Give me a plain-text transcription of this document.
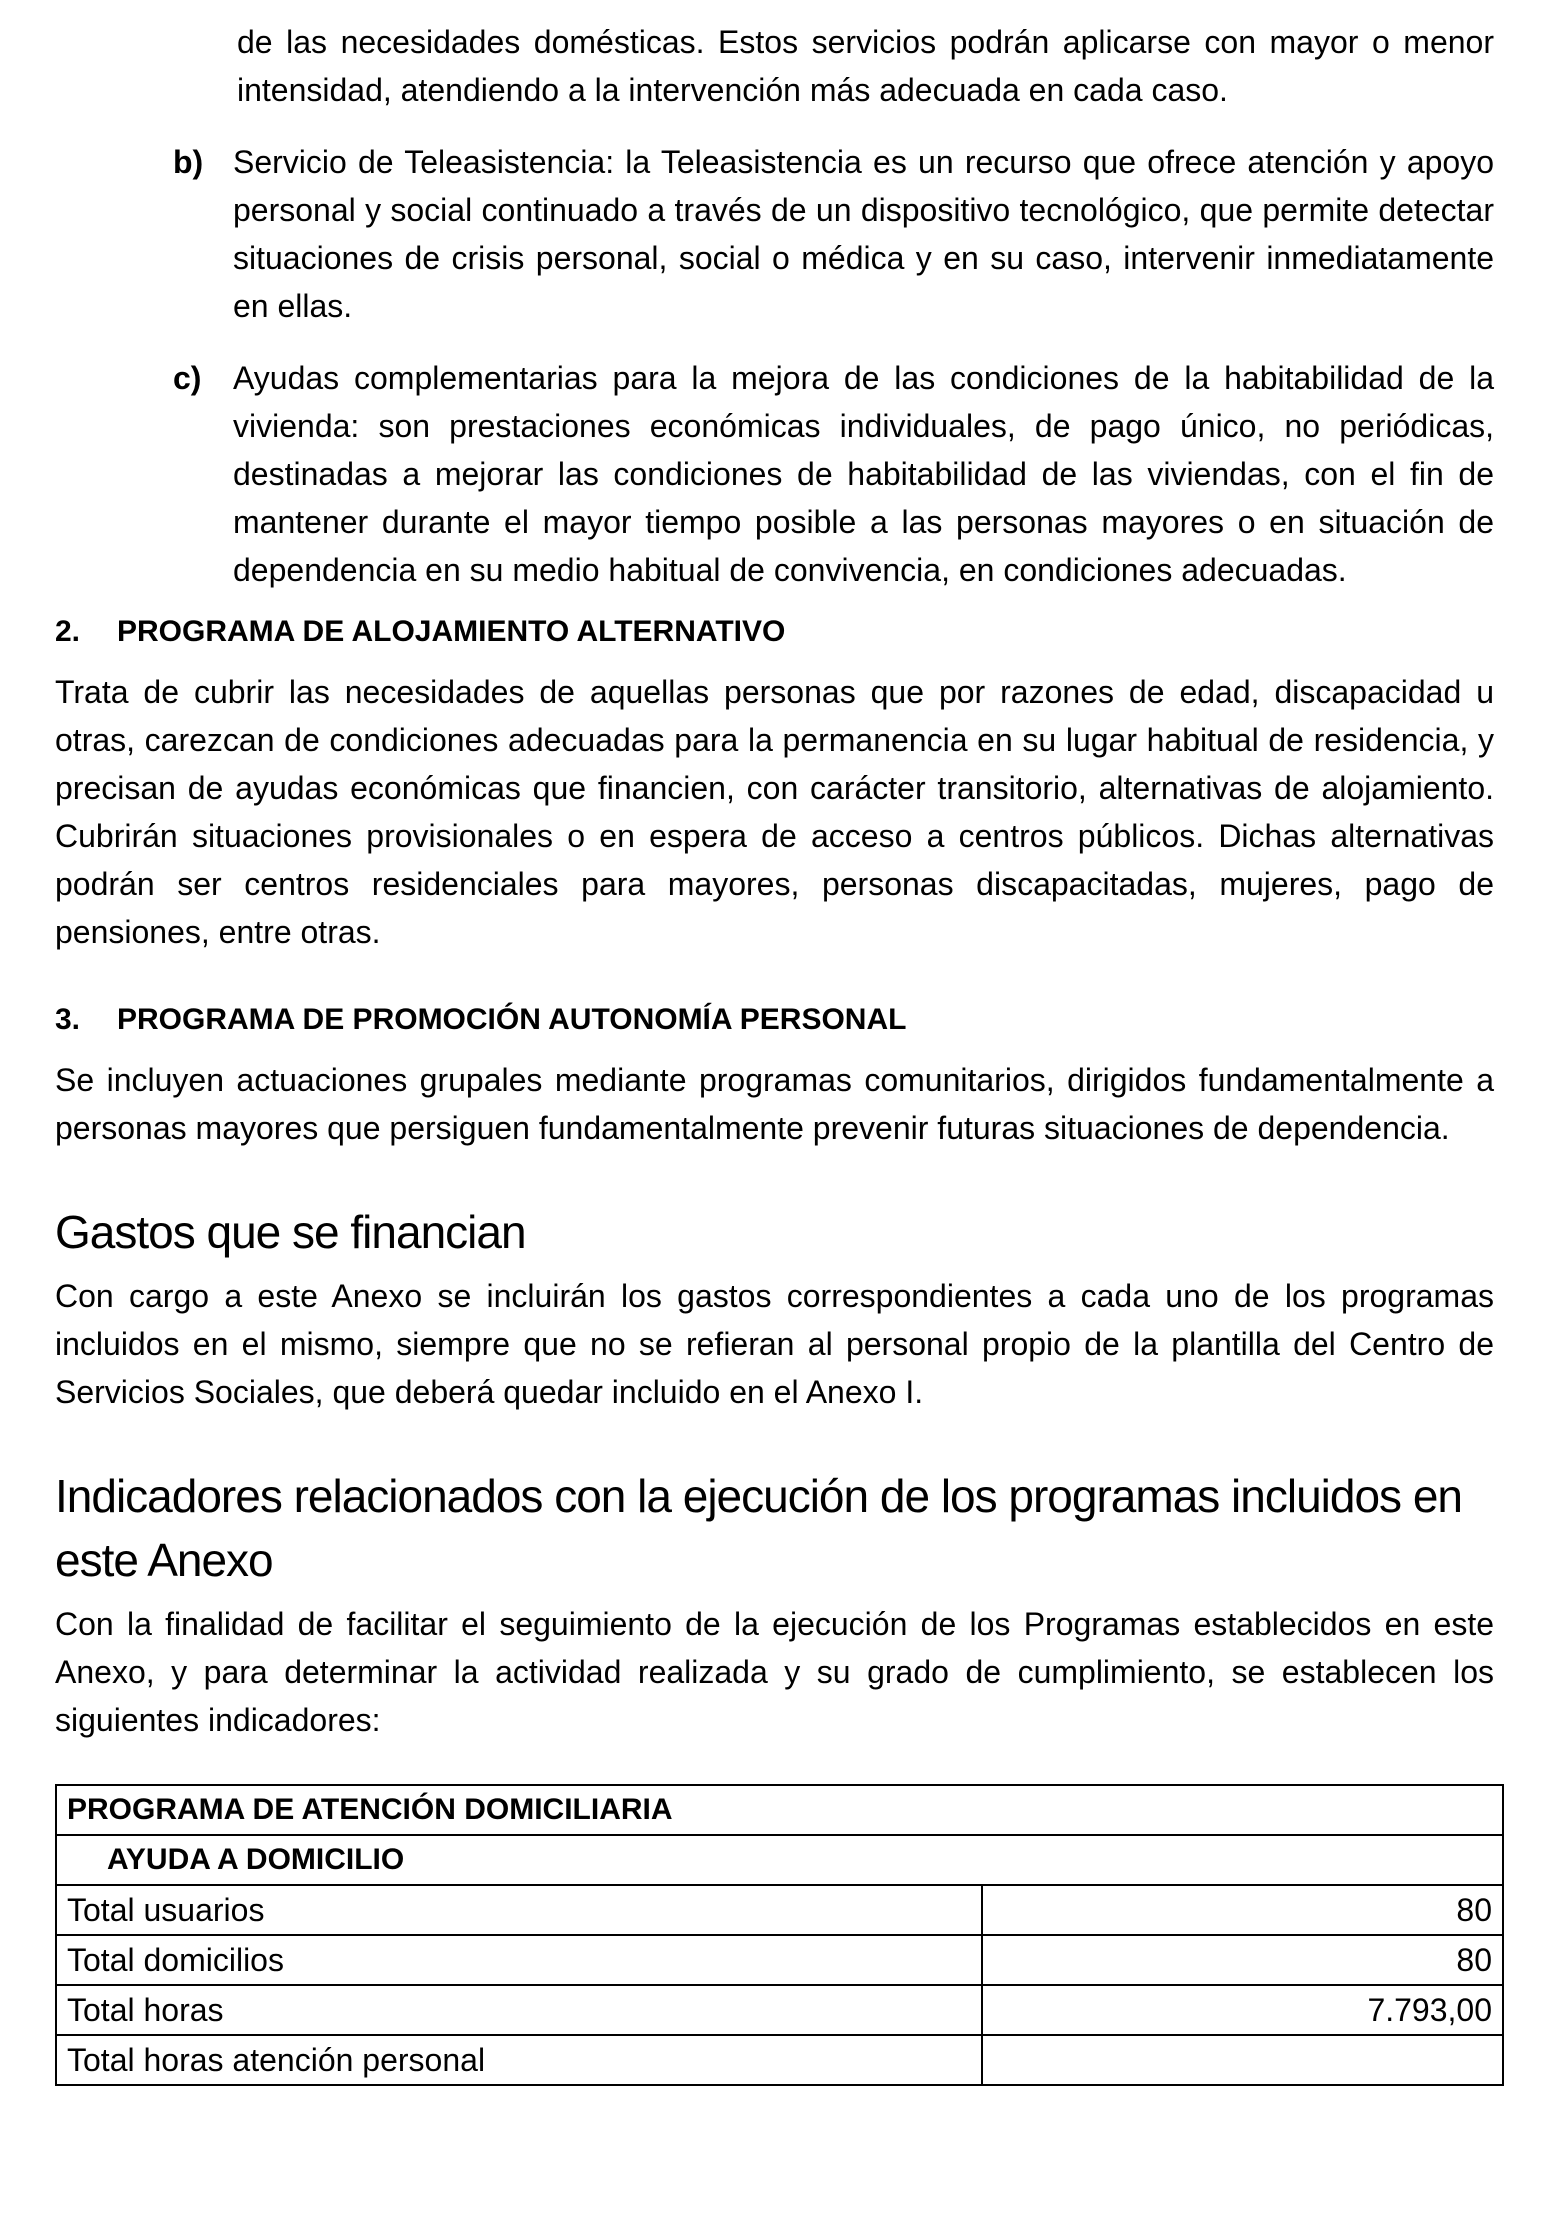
de las necesidades domésticas. Estos servicios podrán aplicarse con mayor o menor intensidad, atendiendo a la intervención más adecuada en cada caso.

b) Servicio de Teleasistencia: la Teleasistencia es un recurso que ofrece atención y apoyo personal y social continuado a través de un dispositivo tecnológico, que permite detectar situaciones de crisis personal, social o médica y en su caso, intervenir inmediatamente en ellas.

c) Ayudas complementarias para la mejora de las condiciones de la habitabilidad de la vivienda: son prestaciones económicas individuales, de pago único, no periódicas, destinadas a mejorar las condiciones de habitabilidad de las viviendas, con el fin de mantener durante el mayor tiempo posible a las personas mayores o en situación de dependencia en su medio habitual de convivencia, en condiciones adecuadas.

2.	PROGRAMA DE ALOJAMIENTO ALTERNATIVO

Trata de cubrir las necesidades de aquellas personas que por razones de edad, discapacidad u otras, carezcan de condiciones adecuadas para la permanencia en su lugar habitual de residencia, y precisan de ayudas económicas que financien, con carácter transitorio, alternativas de alojamiento. Cubrirán situaciones provisionales o en espera de acceso a centros públicos. Dichas alternativas podrán ser centros residenciales para mayores, personas discapacitadas, mujeres, pago de pensiones, entre otras.

3.	PROGRAMA DE PROMOCIÓN AUTONOMÍA PERSONAL

Se incluyen actuaciones grupales mediante programas comunitarios, dirigidos fundamentalmente a personas mayores que persiguen fundamentalmente prevenir futuras situaciones de dependencia.

Gastos que se financian

Con cargo a este Anexo se incluirán los gastos correspondientes a cada uno de los programas incluidos en el mismo, siempre que no se refieran al personal propio de la plantilla del Centro de Servicios Sociales, que deberá quedar incluido en el Anexo I.

Indicadores relacionados con la ejecución de los programas incluidos en este Anexo

Con la finalidad de facilitar el seguimiento de la ejecución de los Programas establecidos en este Anexo, y para determinar la actividad realizada y su grado de cumplimiento, se establecen los siguientes indicadores:

PROGRAMA DE ATENCIÓN DOMICILIARIA	
AYUDA A DOMICILIO	
Total usuarios	80
Total domicilios	80
Total horas	7.793,00
Total horas atención personal	
